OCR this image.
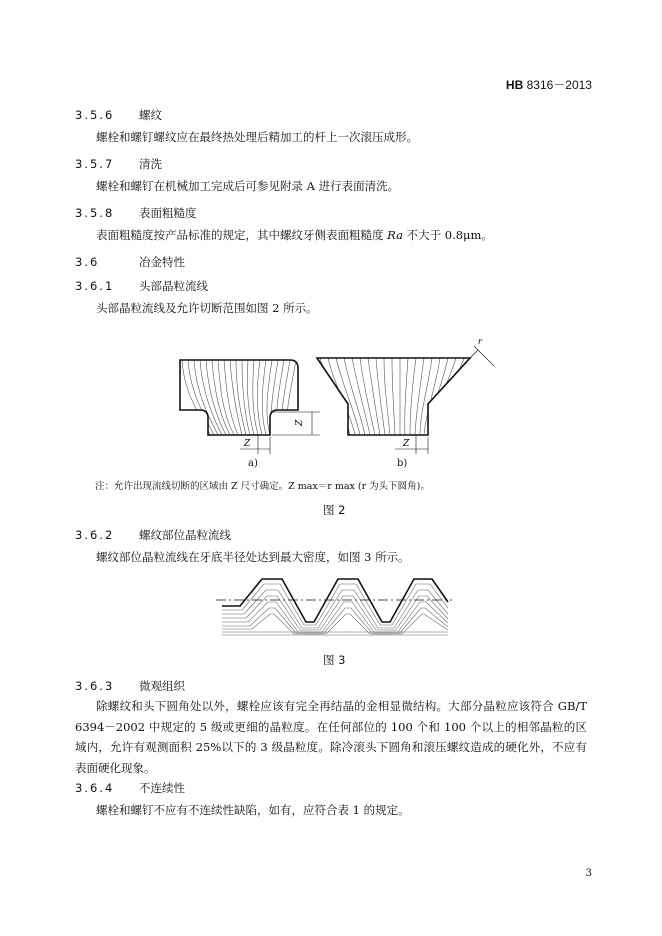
HB 8316－2013
3.5.6 螺纹
螺栓和螺钉螺纹应在最终热处理后精加工的杆上一次滚压成形。
3.5.7 清洗
螺栓和螺钉在机械加工完成后可参见附录 A 进行表面清洗。
3.5.8 表面粗糙度
表面粗糙度按产品标准的规定，其中螺纹牙侧表面粗糙度 Ra 不大于 0.8μm。
3.6	冶金特性
3.6.1 头部晶粒流线
头部晶粒流线及允许切断范围如图 2 所示。
Z
Z	Z
r
a)	b)
注：允许出现流线切断的区域由 Z 尺寸确定。Z max＝r max (r 为头下圆角)。
图 2
3.6.2 螺纹部位晶粒流线
螺纹部位晶粒流线在牙底半径处达到最大密度，如图 3 所示。
图 3
3.6.3 微观组织
除螺纹和头下圆角处以外，螺栓应该有完全再结晶的金相显微结构。大部分晶粒应该符合 GB/T 6394－2002 中规定的 5 级或更细的晶粒度。在任何部位的 100 个和 100 个以上的相邻晶粒的区域内，允许有观测面积 25%以下的 3 级晶粒度。除冷滚头下圆角和滚压螺纹造成的硬化外，不应有表面硬化现象。
3.6.4 不连续性
螺栓和螺钉不应有不连续性缺陷，如有，应符合表 1 的规定。
3
